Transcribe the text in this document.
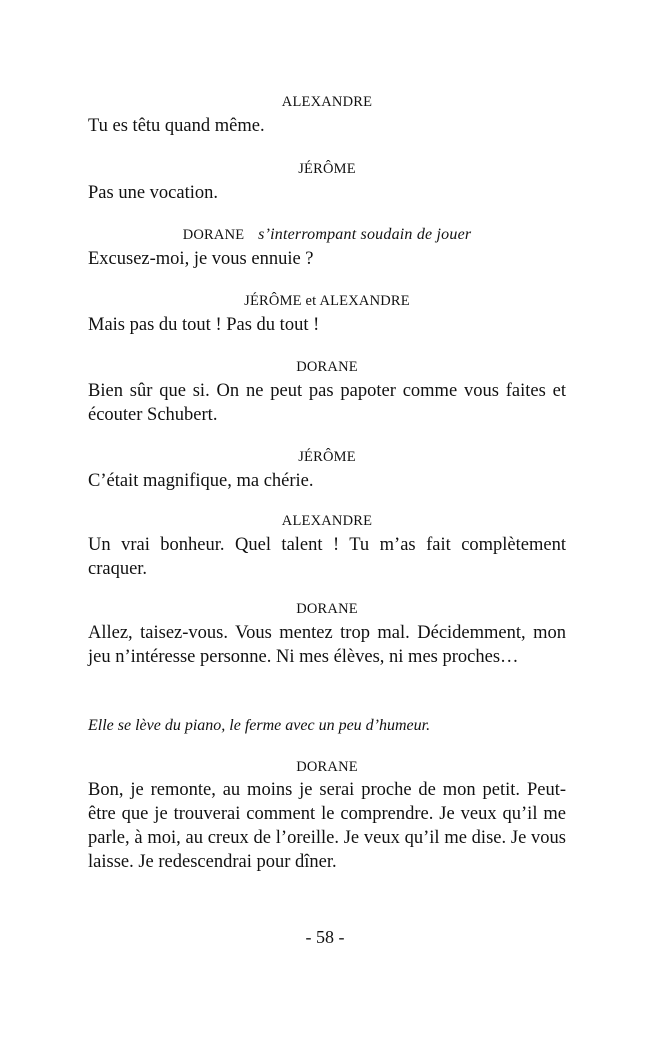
ALEXANDRE
Tu es têtu quand même.
JÉRÔME
Pas une vocation.
DORANE s’interrompant soudain de jouer
Excusez-moi, je vous ennuie ?
JÉRÔME et ALEXANDRE
Mais pas du tout ! Pas du tout !
DORANE
Bien sûr que si. On ne peut pas papoter comme vous faites et écouter Schubert.
JÉRÔME
C’était magnifique, ma chérie.
ALEXANDRE
Un vrai bonheur. Quel talent ! Tu m’as fait complètement craquer.
DORANE
Allez, taisez-vous. Vous mentez trop mal. Décidemment, mon jeu n’intéresse personne. Ni mes élèves, ni mes proches…
Elle se lève du piano, le ferme avec un peu d’humeur.
DORANE
Bon, je remonte, au moins je serai proche de mon petit. Peut-être que je trouverai comment le comprendre. Je veux qu’il me parle, à moi, au creux de l’oreille. Je veux qu’il me dise. Je vous laisse. Je redescendrai pour dîner.
- 58 -
